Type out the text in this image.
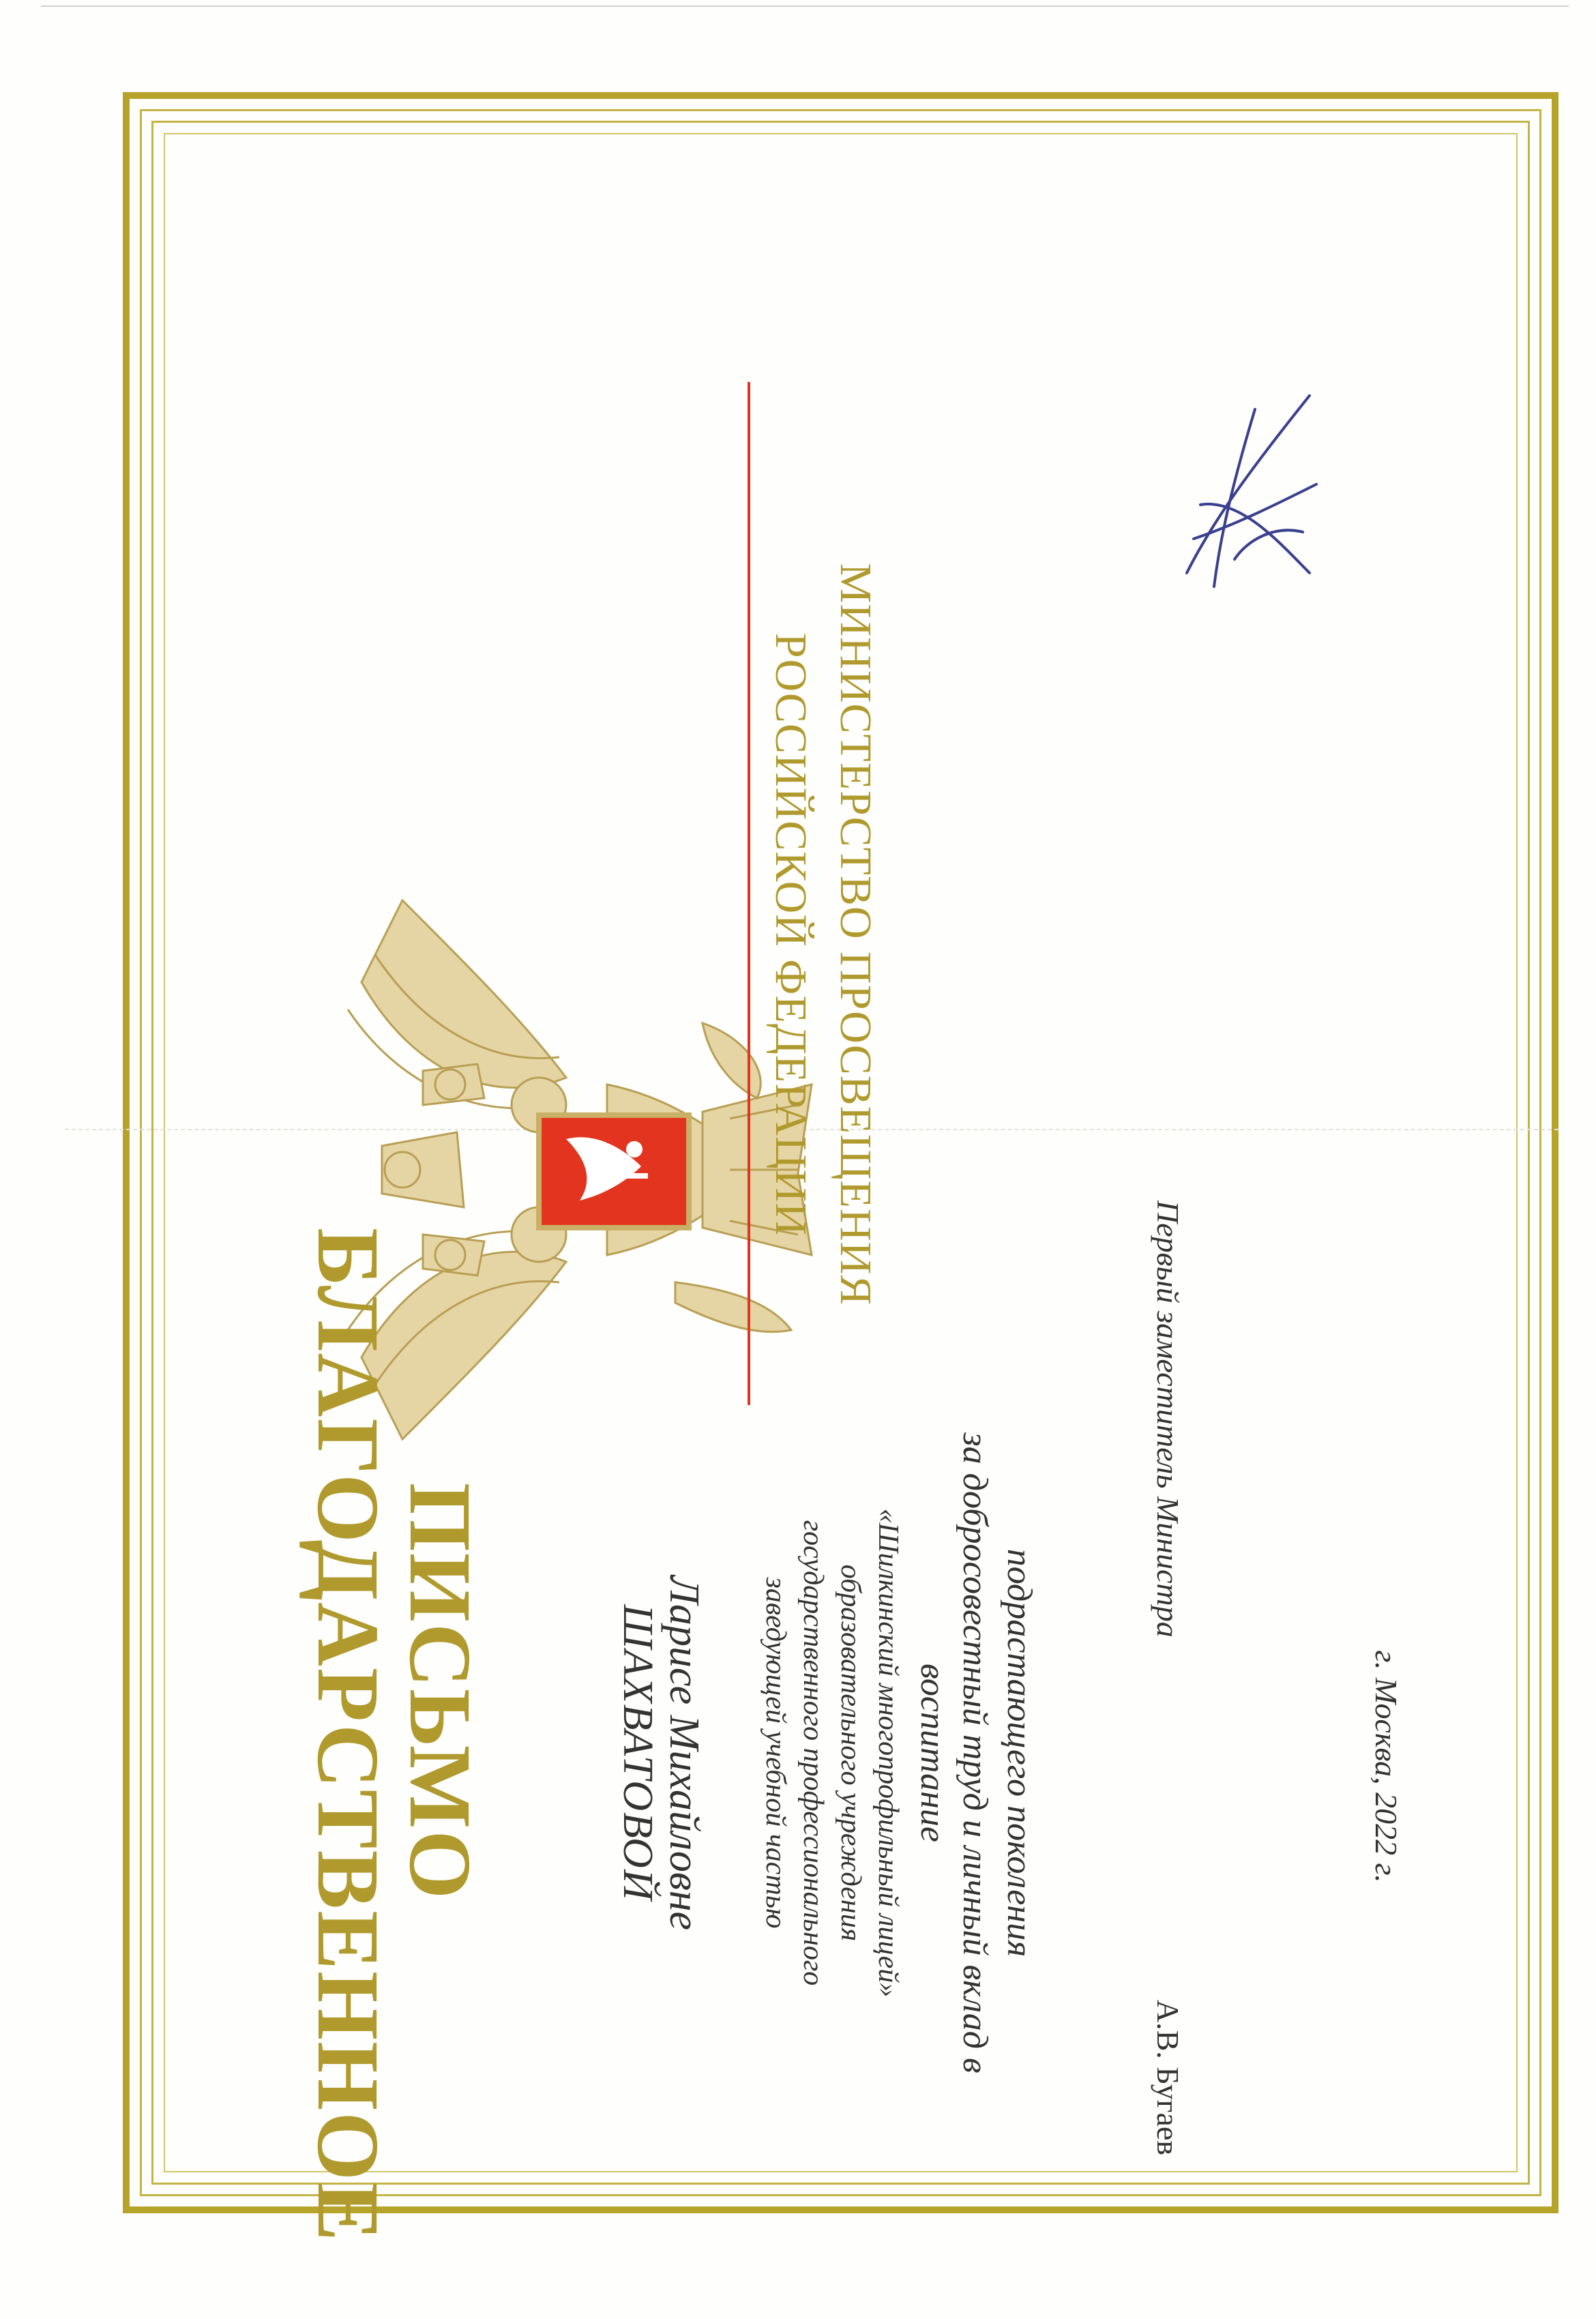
МИНИСТЕРСТВО ПРОСВЕЩЕНИЯ
РОССИЙСКОЙ ФЕДЕРАЦИИ
БЛАГОДАРСТВЕННОЕ
ПИСЬМО	ШАХВАТОВОЙ Ларисе Михайловне заведующей учебной частью государственного профессионального образовательного учреждения «Шилкинский многопрофильный лицей»	за добросовестный труд и личный вклад в воспитание	подрастающего поколения
Первый заместитель Министра
А.В. Бугаев
г. Москва, 2022 г.
